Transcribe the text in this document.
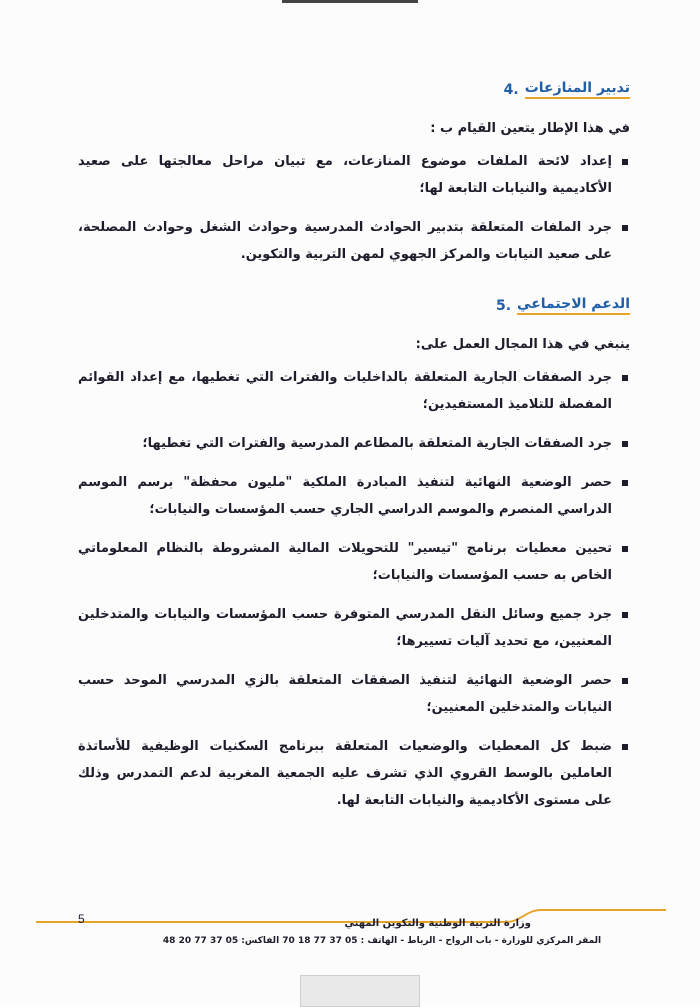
تدبير المنازعات
.4

في هذا الإطار يتعين القيام ب :

إعداد لائحة الملفات موضوع المنازعات، مع تبيان مراحل معالجتها على صعيد الأكاديمية والنيابات التابعة لها؛
جرد الملفات المتعلقة بتدبير الحوادث المدرسية وحوادث الشغل وحوادث المصلحة، على صعيد النيابات والمركز الجهوي لمهن التربية والتكوين.
الدعم الاجتماعي
.5

ينبغي في هذا المجال العمل على:

جرد الصفقات الجارية المتعلقة بالداخليات والفترات التي تغطيها، مع إعداد القوائم المفصلة للتلاميذ المستفيدين؛
جرد الصفقات الجارية المتعلقة بالمطاعم المدرسية والفترات التي تغطيها؛
حصر الوضعية النهائية لتنفيذ المبادرة الملكية "مليون محفظة" برسم الموسم الدراسي المنصرم والموسم الدراسي الجاري حسب المؤسسات والنيابات؛
تحيين معطيات برنامج "تيسير" للتحويلات المالية المشروطة بالنظام المعلوماتي الخاص به حسب المؤسسات والنيابات؛
جرد جميع وسائل النقل المدرسي المتوفرة حسب المؤسسات والنيابات والمتدخلين المعنيين، مع تحديد آليات تسييرها؛
حصر الوضعية النهائية لتنفيذ الصفقات المتعلقة بالزي المدرسي الموحد حسب النيابات والمتدخلين المعنيين؛
ضبط كل المعطيات والوضعيات المتعلقة ببرنامج السكنيات الوظيفية للأساتذة العاملين بالوسط القروي الذي تشرف عليه الجمعية المغربية لدعم التمدرس وذلك على مستوى الأكاديمية والنيابات التابعة لها.
5	وزارة التربية الوطنية والتكوين المهني
المقر المركزي للوزارة - باب الرواح - الرباط - الهاتف : 05 37 77 18 70 الفاكس: 05 37 77 20 48
